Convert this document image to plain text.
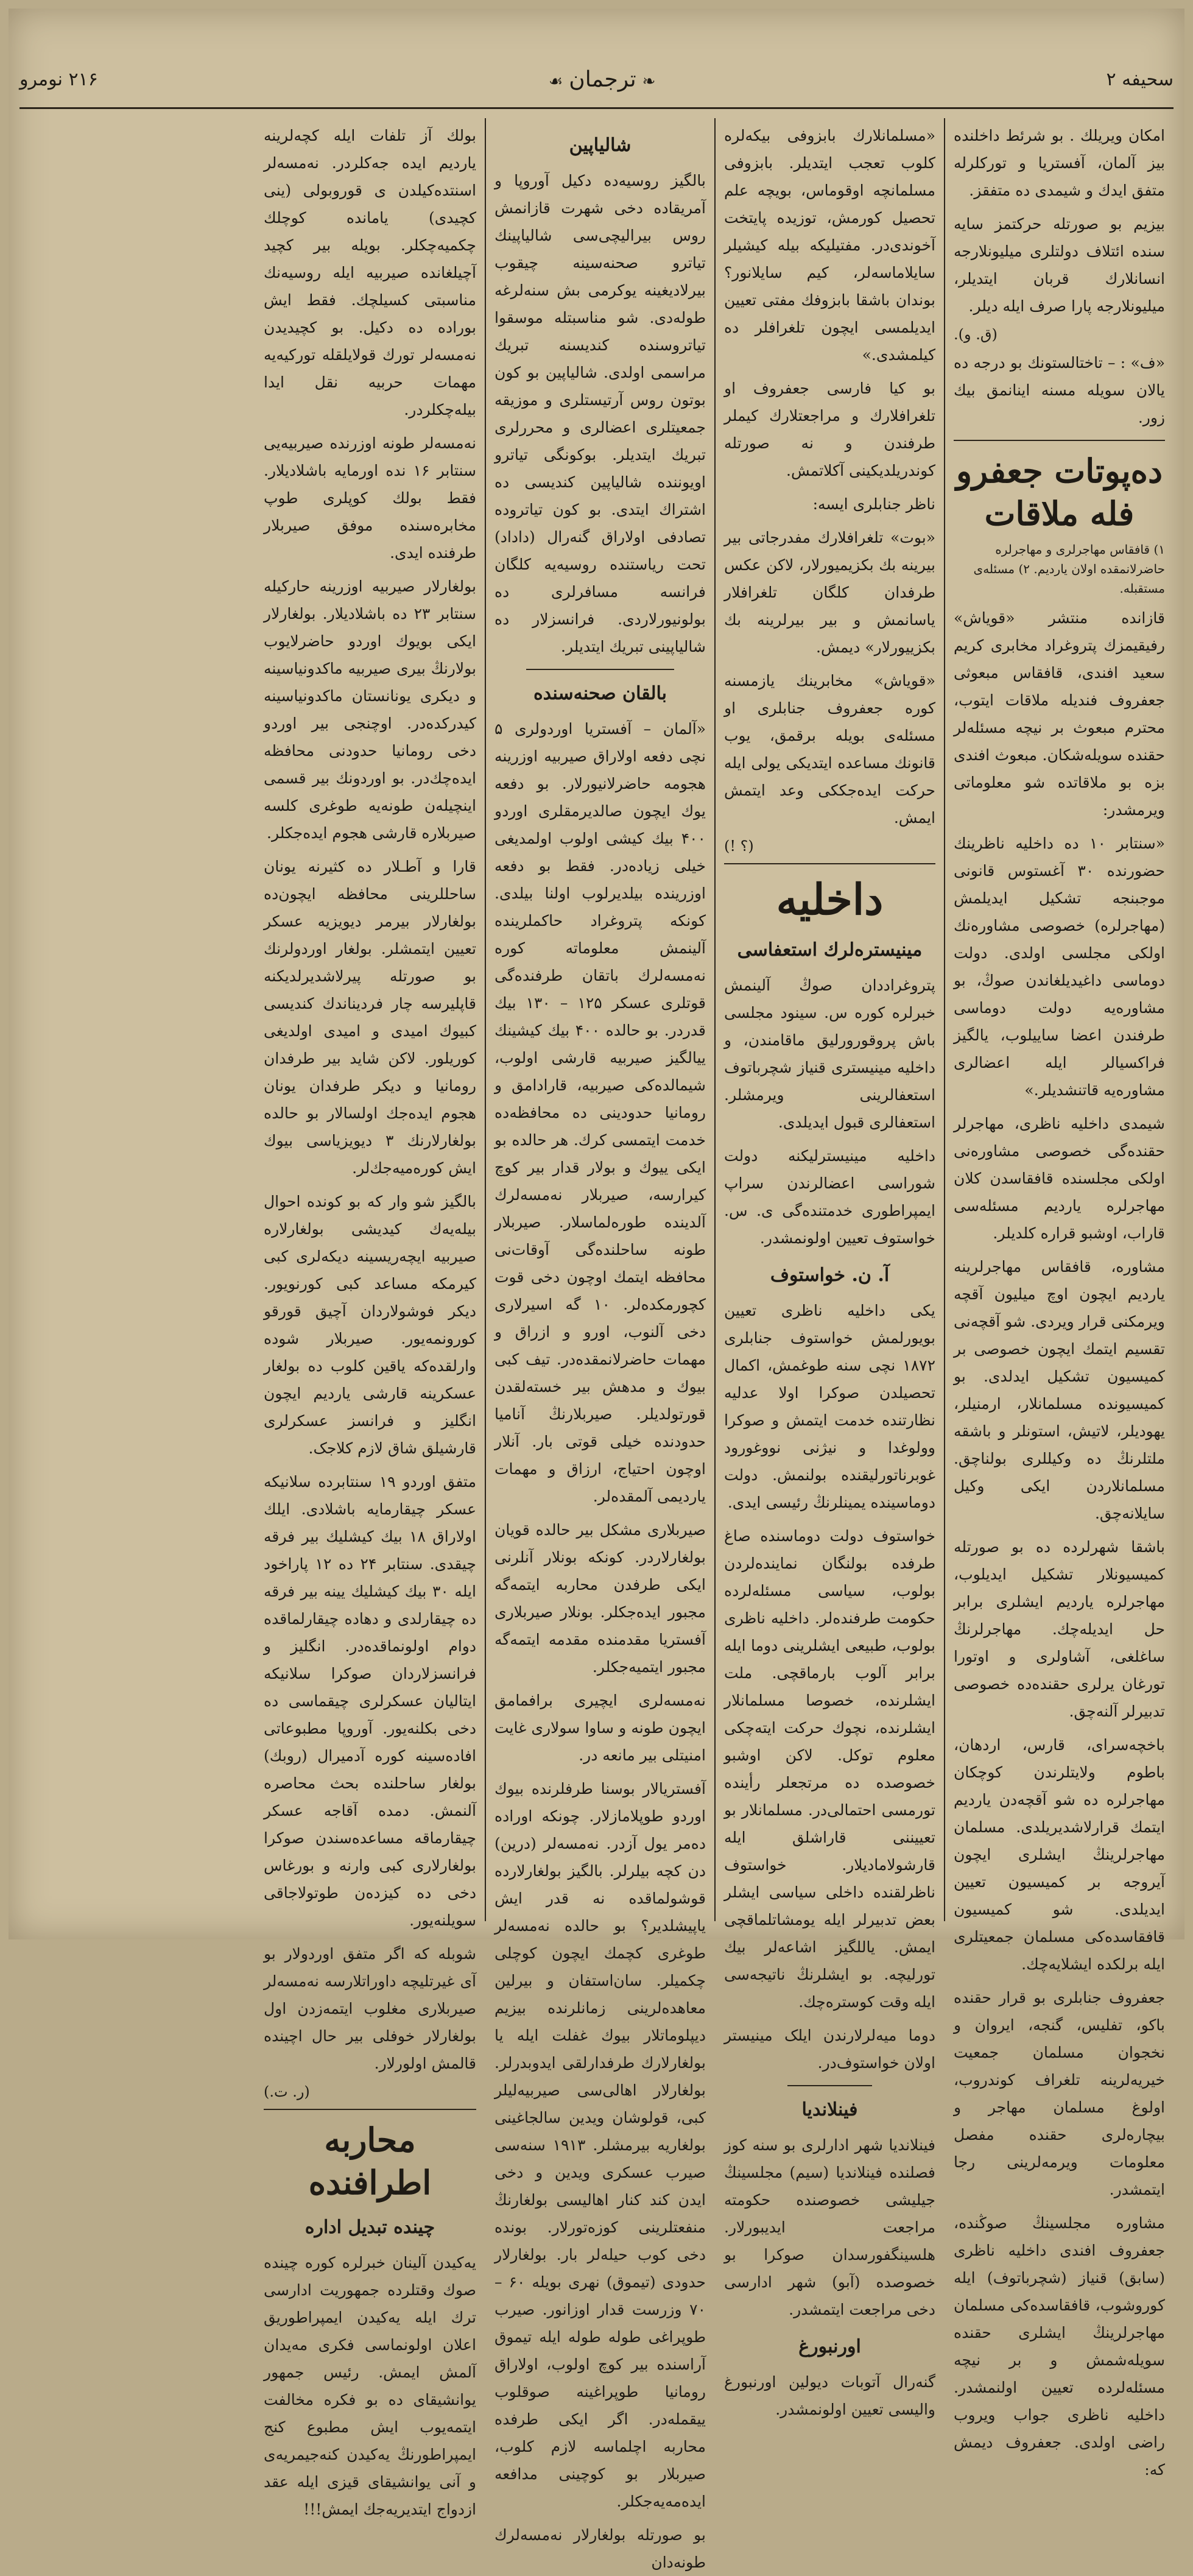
سحیفه ۲
❧ترجمان☙
۲۱۶ نومرو

امکان ویریلك . بو شرئط داخلنده بیز آلمان، آفستریا و تورکلرله متفق ایدك و شیمدی ده متفقز.

بیزیم بو صورتله حرکتمز سایه سنده ائتلاف دولتلری میلیونلارجه انسانلارك قربان ایتدیلر، میلیونلارجه پارا صرف ایله دیلر.

(ق. و).

«ف» : – تاختالستونك بو درجه ده یالان سویله مسنه اینانمق بیك زور.

ده‌پوتات جعفرو فله ملاقات

۱) قافقاس مهاجرلری و مهاجرلره حاضرلانمقده اولان یاردیم. ۲) مسئله‌ی مستقبله.

قازانده منتشر «قویاش» رفیقیمزك پتروغراد مخابری کریم سعید افندی، قافقاس مبعوثی جعفروف فندیله ملاقات ایتوب، محترم مبعوث بر نیچه مسئله‌لر حقنده سویله‌شکان. مبعوث افندی بزه بو ملاقاتده شو معلوماتی ویرمشدر:

«سنتابر ۱۰ ده داخلیه ناظرینك حضورنده ۳۰ آغستوس قانونی موجبنجه تشکیل ایدیلمش (مهاجرلره) خصوصی مشاوره‌نك اولکی مجلسی اولدی. دولت دوماسی داغیدیلغاندن صوڭ، بو مشاوره‌یه دولت دوماسی طرفندن اعضا ساییلوب، یالگیز فراکسیالر ایله اعضالری مشاوره‌یه قاتنشدیلر.»

شیمدی داخلیه ناظری، مهاجرلر حقنده‌گی خصوصی مشاوره‌نی اولکی مجلسنده قافقاسدن کلان مهاجرلره یاردیم مسئله‌سی قاراب، اوشبو قراره کلدیلر.

مشاوره، قافقاس مهاجرلرینه یاردیم ایچون اوچ میلیون آقچه ویرمکنی قرار ویردی. شو آقچه‌نی تقسیم ایتمك ایچون خصوصی بر کمیسیون تشکیل ایدلدی. بو کمیسیونده مسلمانلار، ارمنیلر، یهودیلر، لاتیش، استونلر و باشقه ملتلرنڭ ده وکیللری بولناچق. مسلمانلاردن ایکی وکیل سایلانه‌چق.

باشقا شهرلرده ده بو صورتله کمیسیونلار تشکیل ایدیلوب، مهاجرلره یاردیم ایشلری برابر حل ایدیله‌چك. مهاجرلرنڭ ساغلغی، آشاولری و اوتورا تورغان یرلری حقنده‌ده خصوصی تدبیرلر آلنه‌چق.

باخچه‌سرای، قارس، اردهان، باطوم ولایتلرندن کوچکان مهاجرلره ده شو آقچه‌دن یاردیم ایتمك قرارلاشدیریلدی. مسلمان مهاجرلرینڭ ایشلری ایچون آیروجه بر کمیسیون تعیین ایدیلدی. شو کمیسیون قافقاسده‌کی مسلمان جمعیتلری ایله برلکده ایشلایه‌چك.

جعفروف جنابلری بو قرار حقنده باکو، تفلیس، گنجه، ایروان و نخجوان مسلمان جمعیت خیریه‌لرینه تلغراف کوندروب، اولوغ مسلمان مهاجر و بیچاره‌لری حقنده مفصل معلومات ویرمه‌لرینی رجا ایتمشدر.

مشاوره مجلسینڭ صوڭنده، جعفروف افندی داخلیه ناظری (سابق) قنیاز (شچربا‌توف) ایله کوروشوب، قافقاسده‌کی مسلمان مهاجرلرینڭ ایشلری حقنده سویله‌شمش و بر نیچه مسئله‌لرده تعیین اولنمشدر. داخلیه ناظری جواب ویروب راضی اولدی. جعفروف دیمش که:

«مسلمانلارك بابزوفی بیکه‌لره کلوب تعجب ایتدیلر. بابزوفی مسلمانچه اوقوماس، بویچه علم تحصیل کورمش، توزیده پایتخت آخوندی‌در. مفتیلیکه بیله کیشیلر سایلاماسه‌لر، کیم سایلانور؟ بوندان باشقا بابزوفك مفتی تعیین ایدیلمسی ایچون تلغرافلر ده کیلمشدی.»

بو کیا فارسی جعفروف او تلغرافلارك و مراجعتلارك کیملر طرفندن و نه صورتله کوندریلدیکینی آکلاتمش.

ناظر جنابلری ایسه:

«بوت» تلغرافلارك مفدرجاتی بیر بیرینه بك بکزیمیورلار، لاکن عکس طرفدان کلگان تلغرافلار یاسانمش و بیر بیرلرینه بك بکزییورلار» دیمش.

«قویاش» مخابرینك یازمسنه کوره جعفروف جنابلری او مسئله‌ی بویله برقمق، یوب قانونك مساعده ایتدیکی یولی ایله حرکت ایده‌جککی وعد ایتمش ایمش.

(؟ !)

داخلیه
مینیستره‌لرك استعفاسی

پتروغراددان صوڭ آلینمش خبرلره کوره س. سینود مجلسی باش پروقورورلیق ماقامندن، و داخلیه مینیستری قنیاز شچرباتوف استعفالرینی ویرمشلر. استعفالری قبول ایدیلدی.

داخلیه مینیسترلیکنه دولت شوراسی اعضالرندن سراپ ایمپراطوری خدمتنده‌گی ی. س. خواستوف تعیین اولونمشدر.

آ. ن. خواستوف

یکی داخلیه ناظری تعیین بویورلمش خواستوف جنابلری ۱۸۷۲ نچی سنه طوغمش، اکمال تحصیلدن صوکرا اولا عدلیه نظارتنده خدمت ایتمش و صوکرا وولوغدا و نیژنی نووغورود غوبرناتورلیقنده بولنمش. دولت دوماسینده یمینلرنڭ رئیسی ایدی.

خواستوف دولت دوماسنده صاغ طرفده بولنگان نماینده‌لردن بولوب، سیاسی مسئله‌لرده حکومت طرفنده‌لر. داخلیه ناظری بولوب، طبیعی ایشلرینی دوما ایله برابر آلوب بارماقچی. ملت ایشلرنده، خصوصا مسلمانلار ایشلرنده، نچوك حرکت ایته‌چکی معلوم توکل. لاکن اوشبو خصوصده ده مرتجعلر رأینده تورمسی احتمالی‌در. مسلمانلار بو تعییننی قاراشلق ایله قارشولامادیلار. خواستوف ناظرلقنده داخلی سیاسی ایشلر بعض تدبیرلر ایله یومشاتلماقچی ایمش. یاللگیز اشاعه‌لر بیك تورلیچه. بو ایشلرنڭ ناتیجه‌سی ایله وقت کوستره‌چك.

دوما میه‌لرلارندن ایلک مینیستر اولان خواستوف‌در.

فینلاندیا

فینلاندیا شهر ادارلری بو سنه کوز فصلنده فینلاندیا (سیم) مجلسینڭ جیلیشی خصوصنده حکومته مراجعت ایدیبورلار. هلسینگفورسدان صوکرا بو خصوصده (آبو) شهر ادارسی دخی مراجعت ایتمشدر.

اورنبورغ

گنه‌رال آتوبات‌ دیولین اورنبورغ والیسی تعیین اولونمشدر.

شالیاپین

بالگیز روسیه‌ده دکیل آوروپا و آمریقاده دخی شهرت قازانمش روس بیرالیچی‌سی شالیاپینك تیاترو صحنه‌سینه چیقوب بیرلادیغینه یوکرمی بش سنه‌لرغه طوله‌دی. شو مناسبتله موسقوا تیاتروسنده کندیسنه تبریك مراسمی اولدی. شالیاپین بو کون بوتون روس آرتیستلری و موزیقه جمعیتلری اعضالری و محرر‌لری تبریك ایتدیلر. بوکونگی تیاترو اویوننده شالیاپین کندیسی ده اشتراك ایتدی. بو کون تیاتروده تصادفی اولاراق گنه‌رال (داداد) تحت ریاستنده روسیه‌یه کلگان فرانسه مسافرلری ده بولونیورلاردی. فرانسزلار ده شالیاپینی تبریك ایتدیلر.

بالقان صحنه‌سنده

«آلمان – آفستریا اوردولری ۵ نچی دفعه اولاراق صیربیه اوزرینه هجومه حاضرلانیورلار. بو دفعه یوك ایچون صالدیرمقلری اوردو ۴۰۰ بیك کیشی اولوب اولمدیغی خیلی زیاده‌در. فقط بو دفعه اوزرینده بیلدیرلوب اولنا بیلدی. کونکه پتروغراد حاکملرینده آلینمش معلوماته کوره نه‌مسه‌لرك باتقان طرفنده‌گی قوتلری عسکر ۱۲۵ – ۱۳۰ بیك قدردر. بو حالده ۴۰۰ بیك کیشینك ییالگیز صیربیه قارشی اولوب، شیمالده‌کی صیربیه، قارادامق و رومانیا حدودینی ده محافظه‌ده خدمت ایتمسی کرك. هر حالده بو ایکی ییوك و بولار قدار بیر کوچ کیرارسه، صیربلار نه‌مسه‌لرك آلدینده طوره‌لماسلار. صیربلار طونه ساحلنده‌گی آوقات‌نی محافظه ایتمك اوچون دخی قوت کچورمکده‌لر. ۱۰ گه اسیرلاری دخی آلنوب، اورو و ازراق و مهمات حاضرلانمقده‌در. تیف کبی بیوك و مدهش بیر خسته‌لقدن قورتولدیلر. صیربلارنڭ آنامیا حدودنده خیلی قوتی بار. آنلار اوچون احتیاج، ارزاق و مهمات یاردیمی آلمقده‌لر.

صیربلاری مشکل بیر حالده قویان بولغارلاردر. کونکه بونلار آنلرنی ایکی طرفدن محاربه ایتمه‌گه مجبور ایده‌جکلر. بونلار صیربلاری آفستریا مقدمنده مقدمه ایتمه‌گه مجبور ایتمیه‌جکلر.

نه‌مسه‌لری ایچیری برافمامق ایچون طونه و ساوا سولاری غایت امنیتلی بیر مانعه در.

آفستریالار بوسنا طرفلرنده بیوك اوردو طوپلامازلار. چونکه اوراده ده‌مر یول آزدر. نه‌مسه‌لر (درین) دن کچه بیلرلر. بالگیز بولغارلارده قوشولماقده نه قدر ایش یاپیشلدیر؟ بو حالده نه‌مسه‌لر طوغری کچمك ایچون کوچلی چکمیلر. سان‌استفان و بیرلین معاهده‌لرینی زمانلرنده بیزیم دیپلوماتلار بیوك غفلت ایله یا بولغارلارك طرفدارلقی ایدوبدرلر. بولغارلار اهالی‌سی صیربیه‌لیلر کبی، قولوشان ویدین سالجاغینی بولغاریه بیرمشلر. ۱۹۱۳ سنه‌سی صیرب عسکری ویدین و دخی ایدن کند کنار اهالیسی بولغارنڭ منفعتلرینی کوزه‌تورلار. بونده دخی کوب حیله‌لر بار. بولغارلار حدودی (تیموق) نهری بویله ۶۰ – ۷۰ وزرست قدار اوزانور. صیرب طوپراغی طوله طوله ایله تیموق آراسنده بیر کوچ اولوب، اولاراق رومانیا طوپراغینه صوقلوب ییقمله‌در. اگر ایکی طرفده محاربه اچلماسه لازم کلوب، صیربلار بو کوچینی مدافعه ایده‌مه‌یه‌جکلر.

بو صورتله بولغارلار نه‌مسه‌لرك طونه‌دان

بولك آز تلفات ایله کچه‌لرینه یاردیم ایده جه‌کلردر. نه‌مسه‌لر اسنتده‌کیلدن ی قوروبولی (ینی کچیدی) یامانده کوچلك چکمیه‌چکلر. بویله بیر کچید آچیلغانده صیربیه ایله روسیه‌نك مناسبتی کسیلچك. فقط ایش بوراده ده دکیل. بو کچیدیدن نه‌مسه‌لر تورك قولایلقله تورکیه‌یه مهمات حربیه نقل ایدا بیله‌چکلردر.

نه‌مسه‌لر طونه اوزرنده صیربیه‌یی سنتابر ۱۶ نده اورمایه باشلادیلار. فقط بولك کوپلری طوپ مخابره‌سنده موفق صیربلار طرفنده ایدی.

بولغارلار صیربیه اوزرینه حارکیله سنتابر ۲۳ ده باشلادیلار. بولغارلار ایکی بویوك اوردو حاضرلایوب بولارنڭ بیری صیربیه ماکدونیاسینه و دیکری یونانستان ماکدونیاسینه کیدرکده‌در. اوچنجی بیر اوردو دخی رومانیا حدودنی محافظه ایده‌چك‌در. بو اوردونك بیر قسمی اینچیله‌ن طونه‌یه طوغری کلسه صیربلاره قارشی هجوم ایده‌جکلر.

قارا و آطـلار ده کثیرنه یونان ساحللرینی محافظه ایچون‌ده بولغارلار بیرمر دیویزیه عسکر تعیین ایتمشلر. بولغار اوردولرنك بو صورتله پیرلاشدیرلدیکنه قاپلیرسه چار فردیناندك کندیسی کبیوك امیدی و امیدی اولدیغی کوریلور. لاکن شاید بیر طرفدان رومانیا و دیکر طرفدان یونان هجوم ایده‌جك اولسالار بو حالده بولغارلارنك ۳ دیویزیاسی بیوك ایش کوره‌میه‌جك‌لر.

بالگیز شو وار که بو کونده احوال بیله‌یه‌ك کیدیشی بولغارلاره صیربیه ایچه‌ریسینه دیکه‌لری کبی کیرمکه مساعد کبی کورنویور. دیکر فوشولاردان آچیق قورقو کورونمه‌یور. صیربلار شوده وارلقده‌که یاقین کلوب ده بولغار عسکرینه قارشی یاردیم ایچون انگلیز و فرانسز عسکرلری قارشیلق شاق لازم کلاجک.

متفق اوردو ۱۹ سنتابرده سلانیکه عسکر چیقارمایه باشلادی. ایلك اولاراق ۱۸ بیك کیشلیك بیر فرقه چیقدی. سنتابر ۲۴ ده ۱۲ پاراخود ایله ۳۰ بیك کیشلیك یینه بیر فرقه ده چیقارلدی و دهاده چیقارلماقده دوام اولونماقده‌در. انگلیز و فرانسزلاردان صوکرا سلانیکه ایتالیان عسکرلری چیقماسی ده دخی بکلنه‌یور. آوروپا مطبوعاتی افاده‌سینه کوره آدمیرال (روبك) بولغار ساحلنده بحث محاصره آلنمش. دمده آقاجه عسکر چیقارماقه مساعده‌سندن صوکرا بولغارلاری کبی وارنه و بورغاس دخی ده کیزده‌ن طوتولاجاقی سویلنه‌یور.

شوبله که اگر متفق اوردولار بو آی غیرتلیچه داوراتلارسه نه‌مسه‌لر صیربلاری مغلوب ایتمه‌زدن اول بولغارلار خوفلی بیر حال اچینده قالمش اولورلار.

(ر. ت.)

محاربه اطرافنده
چینده تبدیل اداره

یه‌کیدن آلینان خبرلره کوره چینده صوك وقتلرده جمهوریت ادارسی ترك ایله یه‌کیدن ایمپراطوریق اعلان اولونماسی فکری مه‌یدان آلمش ایمش. رئیس جمهور یوانشیقای ده بو فکره مخالفت ایتمه‌یوب ایش مطبوع کنج ایمپراطورنڭ یه‌کیدن کنه‌جیمریه‌ی و آنی یوانشیقای قیزی ایله عقد ازدواج ایتدیریه‌جك ایمش!!!
